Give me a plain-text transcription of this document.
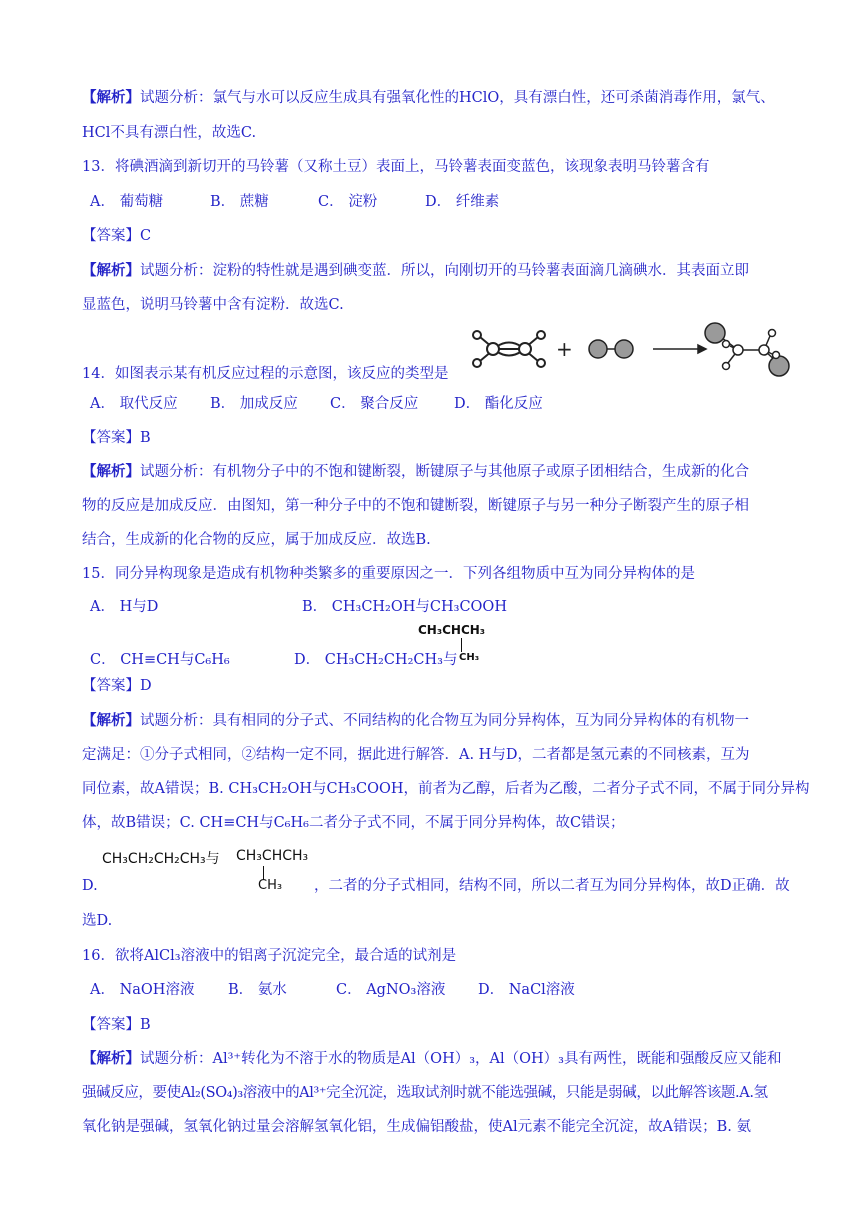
【解析】试题分析：氯气与水可以反应生成具有强氧化性的HClO，具有漂白性，还可杀菌消毒作用，氯气、
HCl不具有漂白性，故选C.
13．将碘酒滴到新切开的马铃薯（又称土豆）表面上，马铃薯表面变蓝色，该现象表明马铃薯含有
A． 葡萄糖	B． 蔗糖	C． 淀粉	D． 纤维素
【答案】C
【解析】试题分析：淀粉的特性就是遇到碘变蓝．所以，向刚切开的马铃薯表面滴几滴碘水．其表面立即
显蓝色，说明马铃薯中含有淀粉．故选C.
14．如图表示某有机反应过程的示意图，该反应的类型是
+
A． 取代反应 B． 加成反应 C． 聚合反应 D． 酯化反应
【答案】B
【解析】试题分析：有机物分子中的不饱和键断裂，断键原子与其他原子或原子团相结合，生成新的化合
物的反应是加成反应．由图知，第一种分子中的不饱和键断裂，断键原子与另一种分子断裂产生的原子相
结合，生成新的化合物的反应，属于加成反应．故选B.
15．同分异构现象是造成有机物种类繁多的重要原因之一．下列各组物质中互为同分异构体的是
A． H与D	B． CH₃CH₂OH与CH₃COOH
C． CH≡CH与C₆H₆	D． CH₃CH₂CH₂CH₃与
CH₃CHCH₃
CH₃
【答案】D
【解析】试题分析：具有相同的分子式、不同结构的化合物互为同分异构体，互为同分异构体的有机物一
定满足：①分子式相同，②结构一定不同，据此进行解答．A. H与D，二者都是氢元素的不同核素，互为
同位素，故A错误；B. CH₃CH₂OH与CH₃COOH，前者为乙醇，后者为乙酸，二者分子式不同，不属于同分异构
体，故B错误；C. CH≡CH与C₆H₆二者分子式不同，不属于同分异构体，故C错误；
CH₃CH₂CH₂CH₃与 CH₃CHCH₃
CH₃
D.	，二者的分子式相同，结构不同，所以二者互为同分异构体，故D正确．故
选D.
16．欲将AlCl₃溶液中的铝离子沉淀完全，最合适的试剂是
A． NaOH溶液 B． 氨水	C． AgNO₃溶液 D． NaCl溶液
【答案】B
【解析】试题分析：Al³⁺转化为不溶于水的物质是Al（OH）₃，Al（OH）₃具有两性，既能和强酸反应又能和
强碱反应，要使Al₂(SO₄)₃溶液中的Al³⁺完全沉淀，选取试剂时就不能选强碱，只能是弱碱，以此解答该题.A.氢
氧化钠是强碱，氢氧化钠过量会溶解氢氧化铝，生成偏铝酸盐，使Al元素不能完全沉淀，故A错误；B. 氨
